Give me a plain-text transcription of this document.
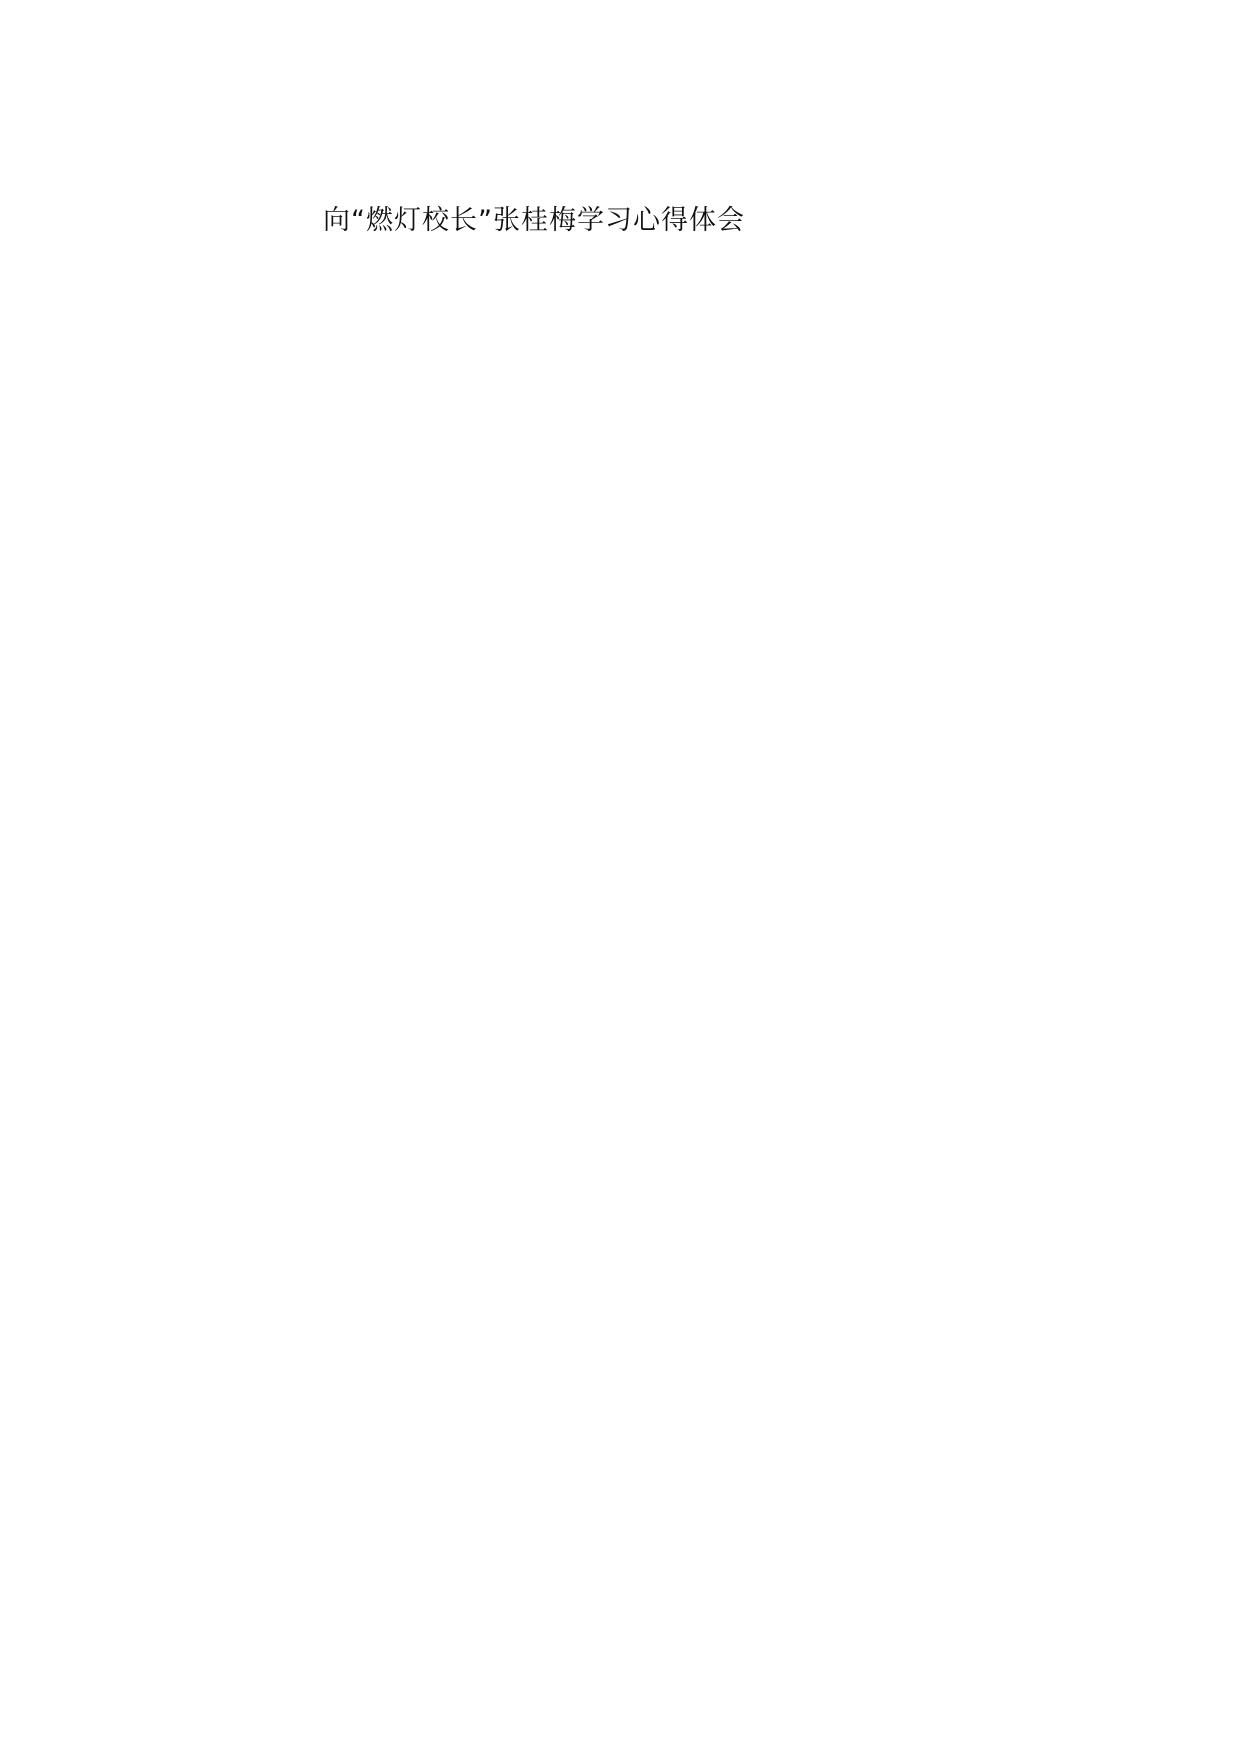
向“燃灯校长”张桂梅学习心得体会
